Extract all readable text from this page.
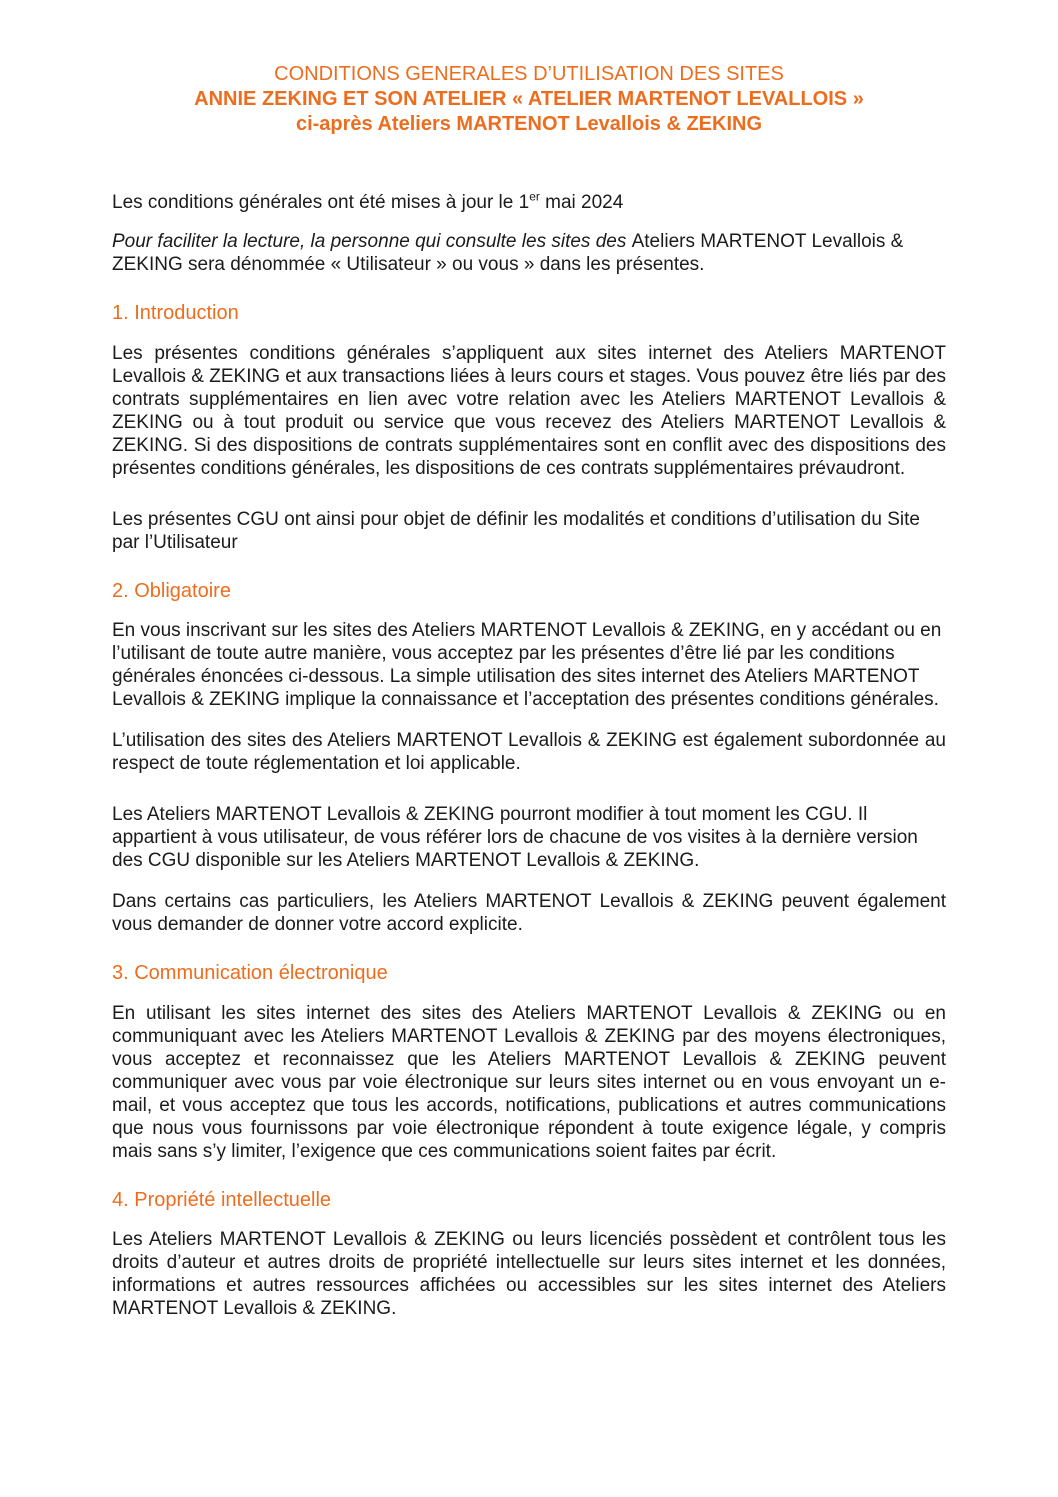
CONDITIONS GENERALES D’UTILISATION DES SITES
ANNIE ZEKING ET SON ATELIER « ATELIER MARTENOT LEVALLOIS »
ci-après Ateliers MARTENOT Levallois & ZEKING

Les conditions générales ont été mises à jour le 1er mai 2024

Pour faciliter la lecture, la personne qui consulte les sites des Ateliers MARTENOT Levallois & ZEKING sera dénommée « Utilisateur » ou vous » dans les présentes.

1. Introduction

Les présentes conditions générales s’appliquent aux sites internet des Ateliers MARTENOT Levallois & ZEKING et aux transactions liées à leurs cours et stages. Vous pouvez être liés par des contrats supplémentaires en lien avec votre relation avec les Ateliers MARTENOT Levallois & ZEKING ou à tout produit ou service que vous recevez des Ateliers MARTENOT Levallois & ZEKING. Si des dispositions de contrats supplémentaires sont en conflit avec des dispositions des présentes conditions générales, les dispositions de ces contrats supplémentaires prévaudront.

Les présentes CGU ont ainsi pour objet de définir les modalités et conditions d’utilisation du Site par l’Utilisateur

2. Obligatoire

En vous inscrivant sur les sites des Ateliers MARTENOT Levallois & ZEKING, en y accédant ou en l’utilisant de toute autre manière, vous acceptez par les présentes d’être lié par les conditions générales énoncées ci-dessous. La simple utilisation des sites internet des Ateliers MARTENOT Levallois & ZEKING implique la connaissance et l’acceptation des présentes conditions générales.

L’utilisation des sites des Ateliers MARTENOT Levallois & ZEKING est également subordonnée au respect de toute réglementation et loi applicable.

Les Ateliers MARTENOT Levallois & ZEKING pourront modifier à tout moment les CGU. Il appartient à vous utilisateur, de vous référer lors de chacune de vos visites à la dernière version des CGU disponible sur les Ateliers MARTENOT Levallois & ZEKING.

Dans certains cas particuliers, les Ateliers MARTENOT Levallois & ZEKING peuvent également vous demander de donner votre accord explicite.

3. Communication électronique

En utilisant les sites internet des sites des Ateliers MARTENOT Levallois & ZEKING ou en communiquant avec les Ateliers MARTENOT Levallois & ZEKING par des moyens électroniques, vous acceptez et reconnaissez que les Ateliers MARTENOT Levallois & ZEKING peuvent communiquer avec vous par voie électronique sur leurs sites internet ou en vous envoyant un e-mail, et vous acceptez que tous les accords, notifications, publications et autres communications que nous vous fournissons par voie électronique répondent à toute exigence légale, y compris mais sans s’y limiter, l’exigence que ces communications soient faites par écrit.

4. Propriété intellectuelle

Les Ateliers MARTENOT Levallois & ZEKING ou leurs licenciés possèdent et contrôlent tous les droits d’auteur et autres droits de propriété intellectuelle sur leurs sites internet et les données, informations et autres ressources affichées ou accessibles sur les sites internet des Ateliers MARTENOT Levallois & ZEKING.
